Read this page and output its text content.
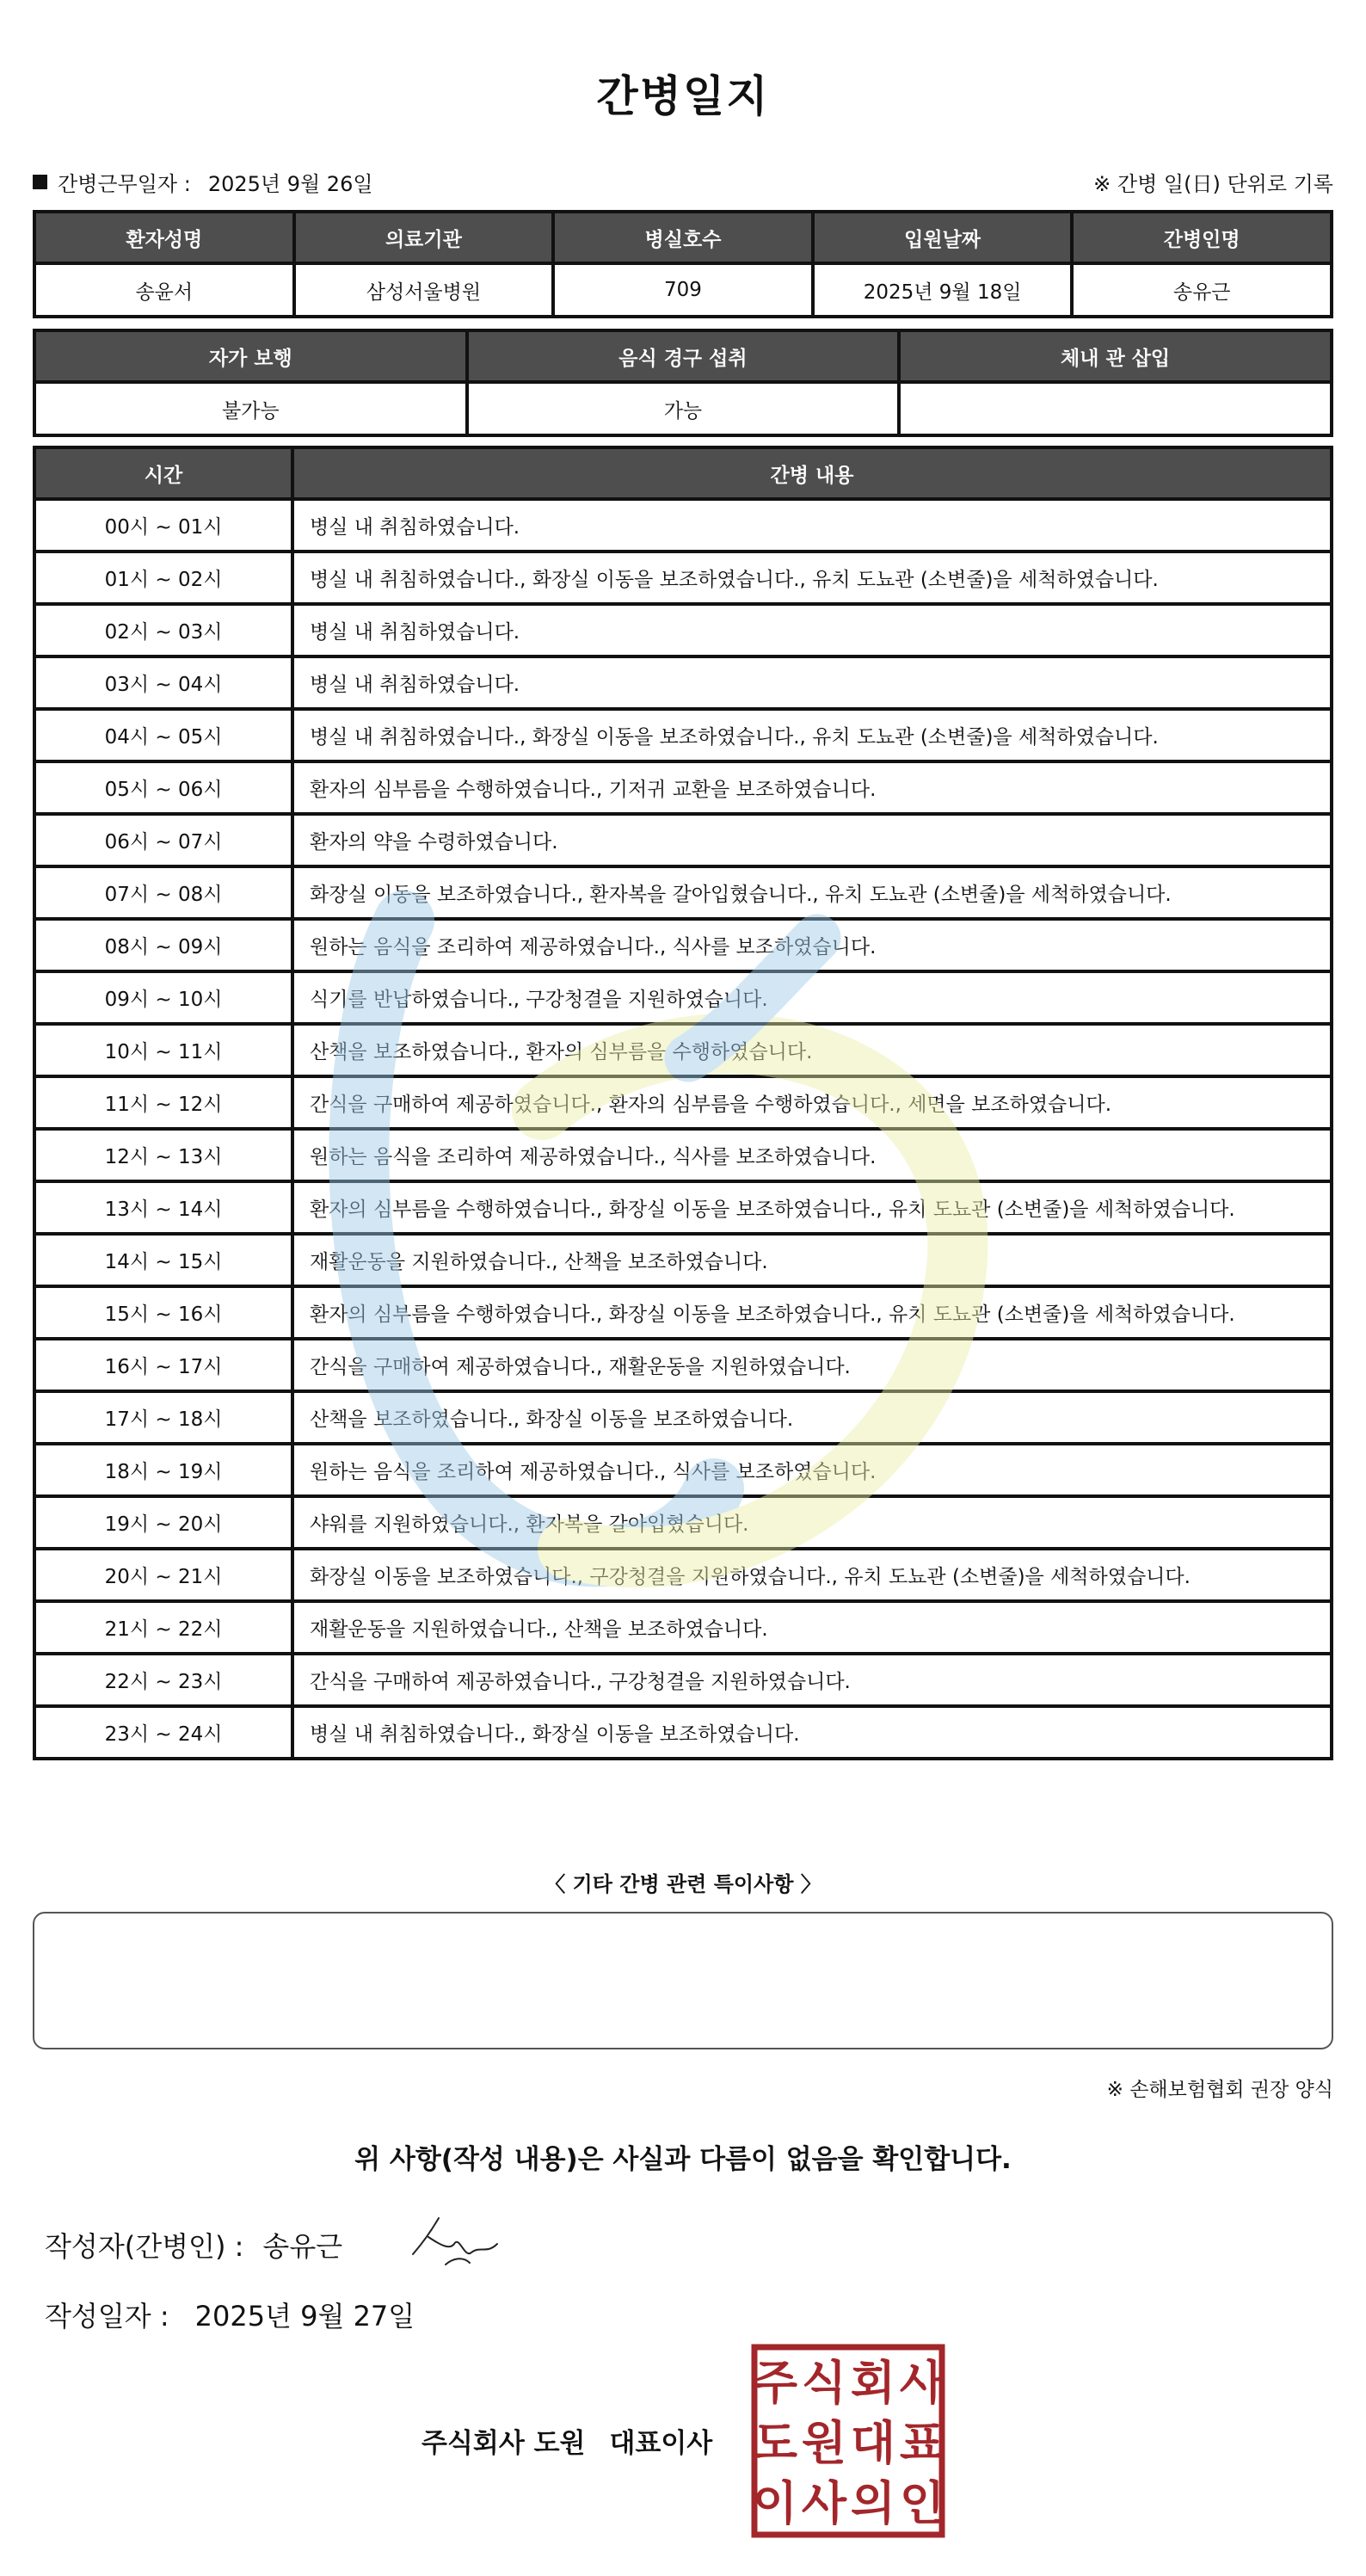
간병일지
간병근무일자 : 2025년 9월 26일	※ 간병 일(日) 단위로 기록
환자성명	의료기관	병실호수	입원날짜	간병인명
송윤서	삼성서울병원	709	2025년 9월 18일	송유근
자가 보행	음식 경구 섭취	체내 관 삽입
불가능	가능	
시간	간병 내용
00시 ~ 01시	병실 내 취침하였습니다.
01시 ~ 02시	병실 내 취침하였습니다., 화장실 이동을 보조하였습니다., 유치 도뇨관 (소변줄)을 세척하였습니다.
02시 ~ 03시	병실 내 취침하였습니다.
03시 ~ 04시	병실 내 취침하였습니다.
04시 ~ 05시	병실 내 취침하였습니다., 화장실 이동을 보조하였습니다., 유치 도뇨관 (소변줄)을 세척하였습니다.
05시 ~ 06시	환자의 심부름을 수행하였습니다., 기저귀 교환을 보조하였습니다.
06시 ~ 07시	환자의 약을 수령하였습니다.
07시 ~ 08시	화장실 이동을 보조하였습니다., 환자복을 갈아입혔습니다., 유치 도뇨관 (소변줄)을 세척하였습니다.
08시 ~ 09시	원하는 음식을 조리하여 제공하였습니다., 식사를 보조하였습니다.
09시 ~ 10시	식기를 반납하였습니다., 구강청결을 지원하였습니다.
10시 ~ 11시	산책을 보조하였습니다., 환자의 심부름을 수행하였습니다.
11시 ~ 12시	간식을 구매하여 제공하였습니다., 환자의 심부름을 수행하였습니다., 세면을 보조하였습니다.
12시 ~ 13시	원하는 음식을 조리하여 제공하였습니다., 식사를 보조하였습니다.
13시 ~ 14시	환자의 심부름을 수행하였습니다., 화장실 이동을 보조하였습니다., 유치 도뇨관 (소변줄)을 세척하였습니다.
14시 ~ 15시	재활운동을 지원하였습니다., 산책을 보조하였습니다.
15시 ~ 16시	환자의 심부름을 수행하였습니다., 화장실 이동을 보조하였습니다., 유치 도뇨관 (소변줄)을 세척하였습니다.
16시 ~ 17시	간식을 구매하여 제공하였습니다., 재활운동을 지원하였습니다.
17시 ~ 18시	산책을 보조하였습니다., 화장실 이동을 보조하였습니다.
18시 ~ 19시	원하는 음식을 조리하여 제공하였습니다., 식사를 보조하였습니다.
19시 ~ 20시	샤워를 지원하였습니다., 환자복을 갈아입혔습니다.
20시 ~ 21시	화장실 이동을 보조하였습니다., 구강청결을 지원하였습니다., 유치 도뇨관 (소변줄)을 세척하였습니다.
21시 ~ 22시	재활운동을 지원하였습니다., 산책을 보조하였습니다.
22시 ~ 23시	간식을 구매하여 제공하였습니다., 구강청결을 지원하였습니다.
23시 ~ 24시	병실 내 취침하였습니다., 화장실 이동을 보조하였습니다.
〈 기타 간병 관련 특이사항 〉
※ 손해보험협회 권장 양식
위 사항(작성 내용)은 사실과 다름이 없음을 확인합니다.
작성자(간병인) : 송유근
작성일자 : 2025년 9월 27일
주식회사 도원 대표이사
주 식 회 사
도 원 대 표
이 사 의 인
